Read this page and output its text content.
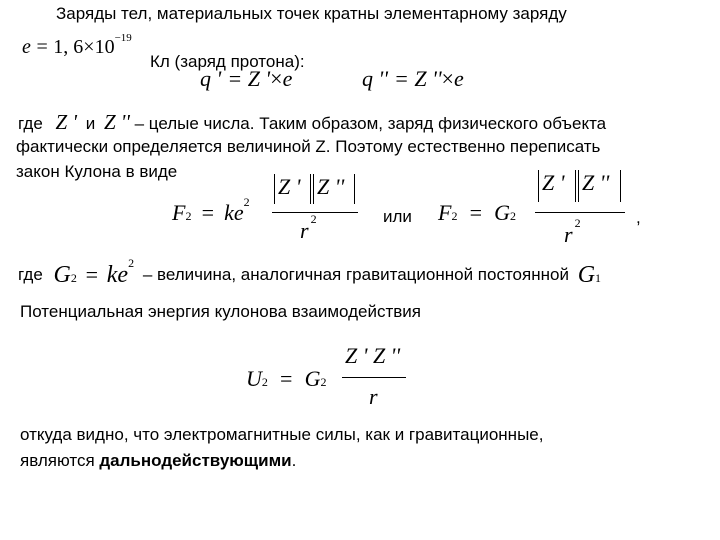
Заряды тел, материальных точек кратны элементарному заряду
e = 1, $6\times 10^{-19}$
Кл (заряд протона):
q ' = Z '×e	q '' = Z ''×e
где Z ' и Z '' – целые числа. Таким образом, заряд физического объекта
фактически определяется величиной Z. Поэтому естественно переписать
закон Кулона в виде
$F2 = ke^2$
Z ' Z ''
r $^2$	или F2 = G2
Z ' Z ''
r $^2$	,
где $G2 = ke^2$ – величина, аналогичная гравитационной постоянной G1
Потенциальная энергия кулонова взаимодействия
U2 = G2
Z ' Z ''
r
откуда видно, что электромагнитные силы, как и гравитационные,
являются дальнодействующими.
